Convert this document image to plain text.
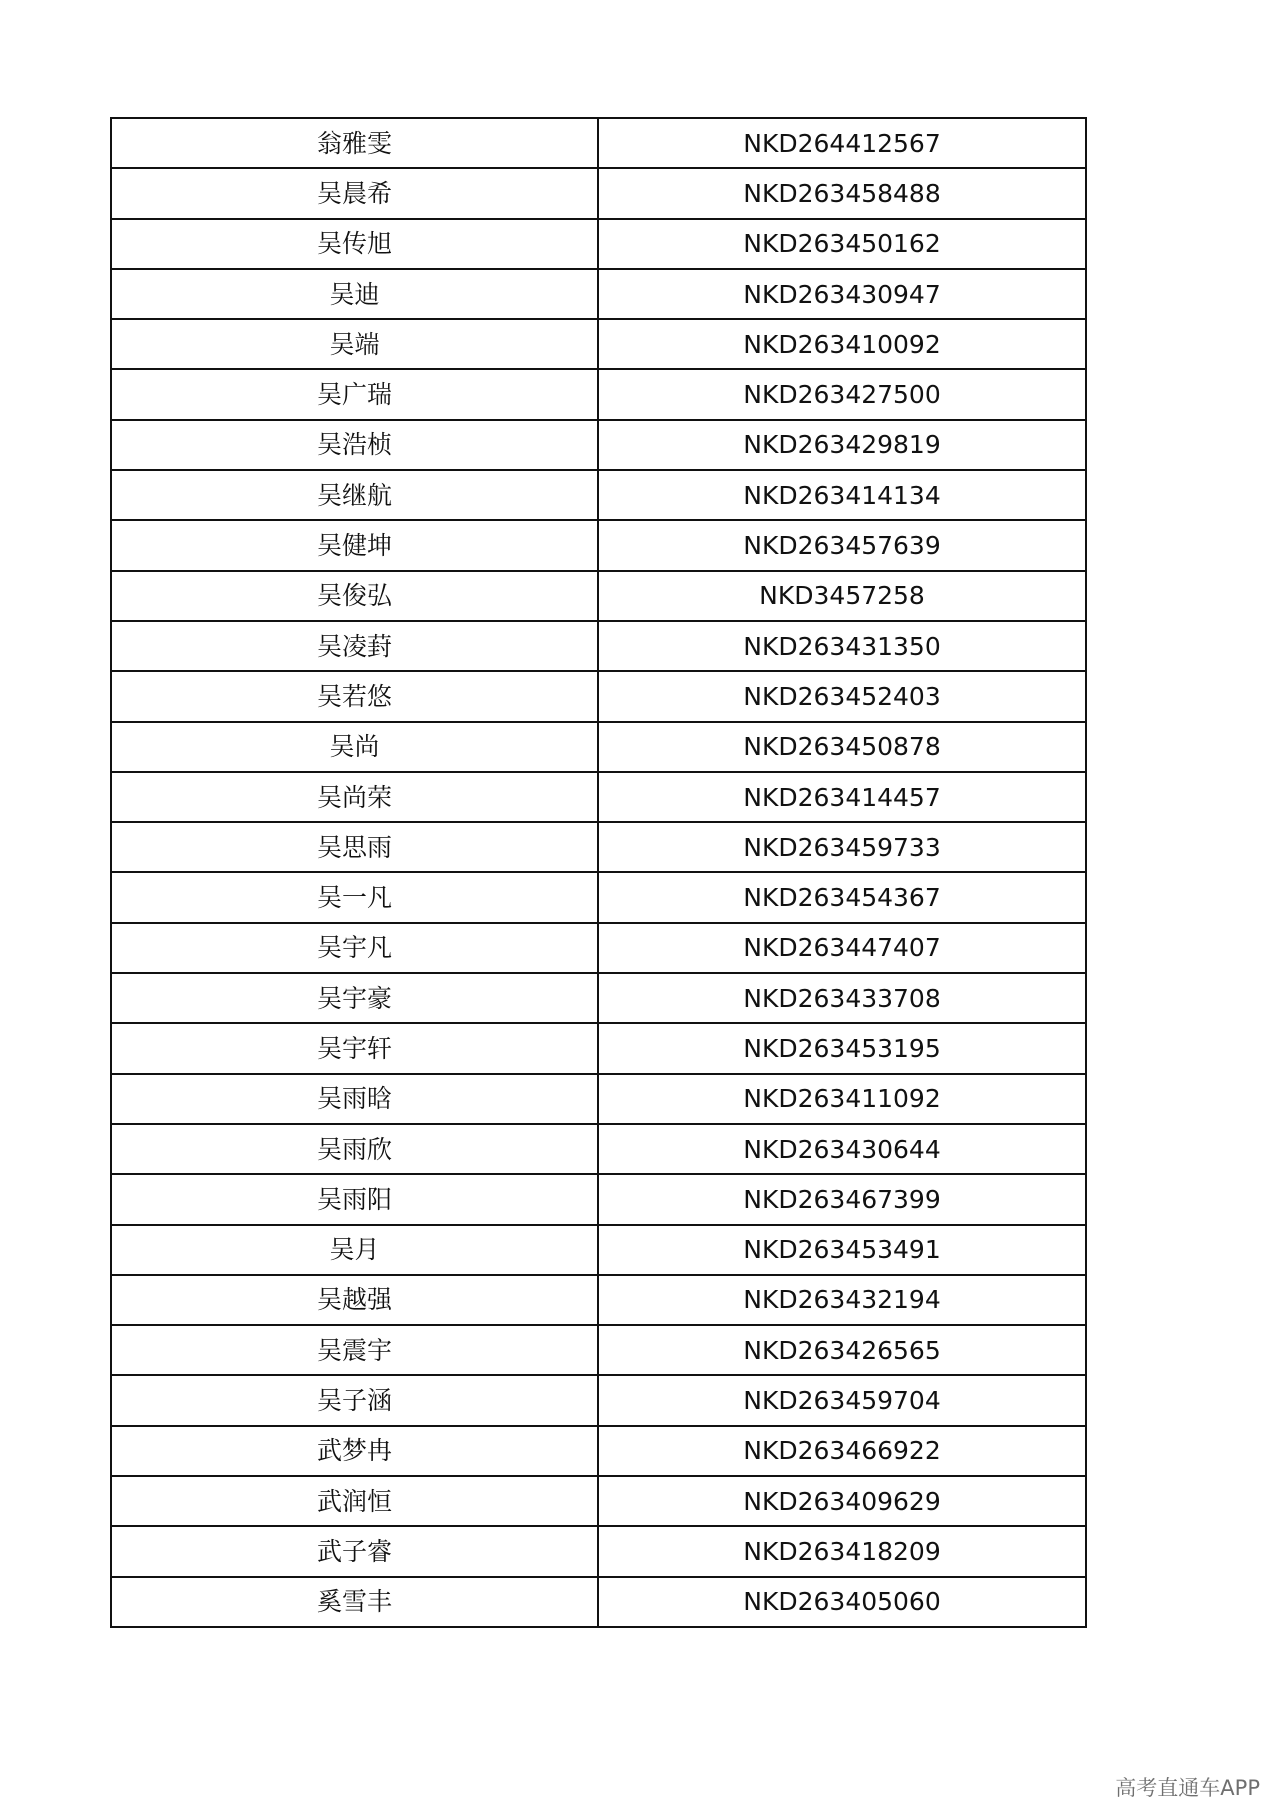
翁雅雯	NKD264412567
吴晨希	NKD263458488
吴传旭	NKD263450162
吴迪	NKD263430947
吴端	NKD263410092
吴广瑞	NKD263427500
吴浩桢	NKD263429819
吴继航	NKD263414134
吴健坤	NKD263457639
吴俊弘	NKD3457258
吴凌葑	NKD263431350
吴若悠	NKD263452403
吴尚	NKD263450878
吴尚荣	NKD263414457
吴思雨	NKD263459733
吴一凡	NKD263454367
吴宇凡	NKD263447407
吴宇豪	NKD263433708
吴宇轩	NKD263453195
吴雨晗	NKD263411092
吴雨欣	NKD263430644
吴雨阳	NKD263467399
吴月	NKD263453491
吴越强	NKD263432194
吴震宇	NKD263426565
吴子涵	NKD263459704
武梦冉	NKD263466922
武润恒	NKD263409629
武子睿	NKD263418209
奚雪丰	NKD263405060
高考直通车APP
